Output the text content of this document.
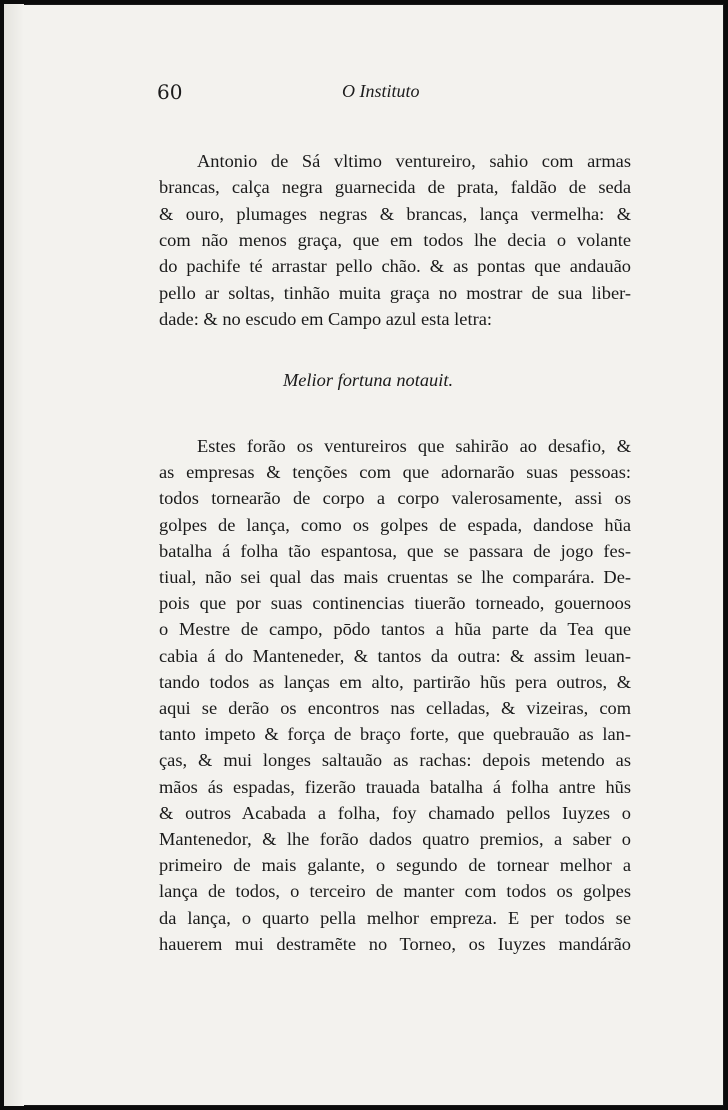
60	O Instituto
Antonio de Sá vltimo ventureiro, sahio com armas
brancas, calça negra guarnecida de prata, faldão de seda
& ouro, plumages negras & brancas, lança vermelha: &
com não menos graça, que em todos lhe decia o volante
do pachife té arrastar pello chão. & as pontas que andauão
pello ar soltas, tinhão muita graça no mostrar de sua liber-
dade: & no escudo em Campo azul esta letra:
Melior fortuna notauit.
Estes forão os ventureiros que sahirão ao desafio, &
as empresas & tenções com que adornarão suas pessoas:
todos tornearão de corpo a corpo valerosamente, assi os
golpes de lança, como os golpes de espada, dandose hũa
batalha á folha tão espantosa, que se passara de jogo fes-
tiual, não sei qual das mais cruentas se lhe comparára. De-
pois que por suas continencias tiuerão torneado, gouernoos
o Mestre de campo, pōdo tantos a hũa parte da Tea que
cabia á do Manteneder, & tantos da outra: & assim leuan-
tando todos as lanças em alto, partirão hũs pera outros, &
aqui se derão os encontros nas celladas, & vizeiras, com
tanto impeto & força de braço forte, que quebrauão as lan-
ças, & mui longes saltauão as rachas: depois metendo as
mãos ás espadas, fizerão trauada batalha á folha antre hũs
& outros Acabada a folha, foy chamado pellos Iuyzes o
Mantenedor, & lhe forão dados quatro premios, a saber o
primeiro de mais galante, o segundo de tornear melhor a
lança de todos, o terceiro de manter com todos os golpes
da lança, o quarto pella melhor empreza. E per todos se
hauerem mui destramẽte no Torneo, os Iuyzes mandárão
